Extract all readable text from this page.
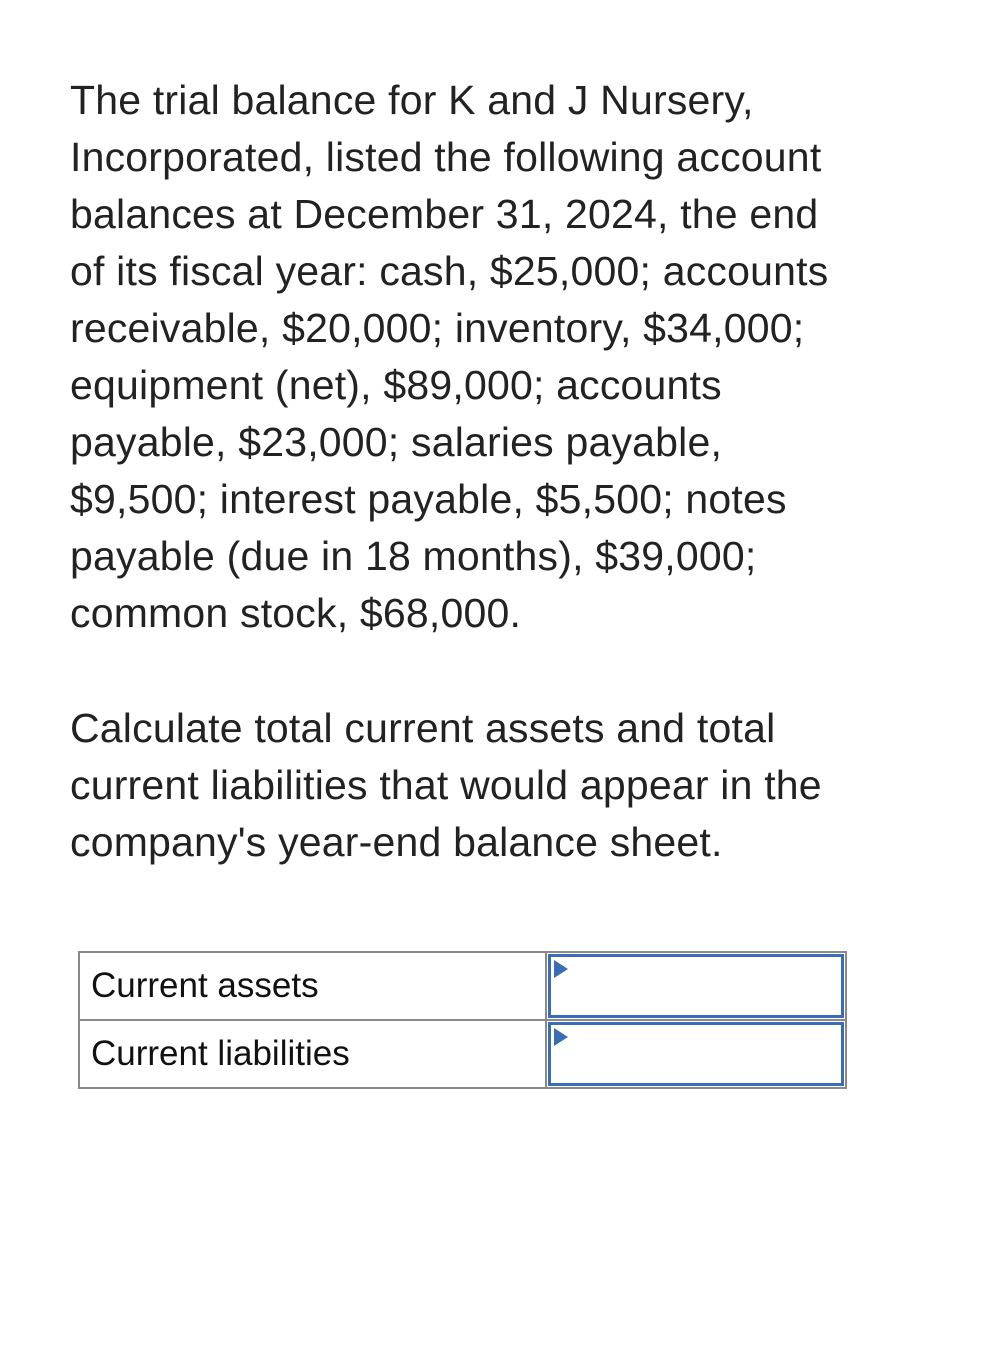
The trial balance for K and J Nursery,
Incorporated, listed the following account
balances at December 31, 2024, the end
of its fiscal year: cash, $25,000; accounts
receivable, $20,000; inventory, $34,000;
equipment (net), $89,000; accounts
payable, $23,000; salaries payable,
$9,500; interest payable, $5,500; notes
payable (due in 18 months), $39,000;
common stock, $68,000.

Calculate total current assets and total
current liabilities that would appear in the
company's year-end balance sheet.

Current assets	

Current liabilities	
